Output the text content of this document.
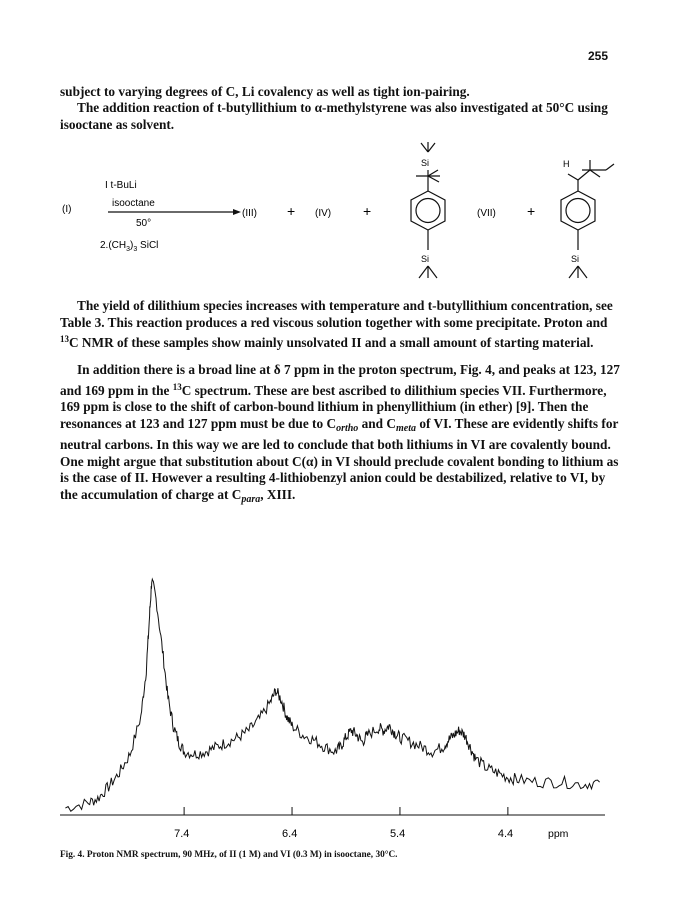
255

subject to varying degrees of C, Li covalency as well as tight ion-pairing.

The addition reaction of t-butyllithium to α-methylstyrene was also investigated at 50°C using isooctane as solvent.

(I)
I t-BuLi
isooctane
50°
$2.(CH_3)_3$ SiCl
(III) + (IV) +
Si
Si
(VII) +
H
Si

The yield of dilithium species increases with temperature and t-butyllithium concentration, see Table 3. This reaction produces a red viscous solution together with some precipitate. Proton and $^{13}$C NMR of these samples show mainly unsolvated II and a small amount of starting material.

In addition there is a broad line at δ 7 ppm in the proton spectrum, Fig. 4, and peaks at 123, 127 and 169 ppm in the $^{13}$C spectrum. These are best ascribed to dilithium species VII. Furthermore, 169 ppm is close to the shift of carbon-bound lithium in phenyllithium (in ether) [9]. Then the resonances at 123 and 127 ppm must be due to $C_{ortho}$ and $C_{meta}$ of VI. These are evidently shifts for neutral carbons. In this way we are led to conclude that both lithiums in VI are covalently bound. One might argue that substitution about C(α) in VI should preclude covalent bonding to lithium as is the case of II. However a resulting 4-lithiobenzyl anion could be destabilized, relative to VI, by the accumulation of charge at $C_{para}$, XIII.

7.4	6.4	5.4	4.4	ppm
Fig. 4. Proton NMR spectrum, 90 MHz, of II (1 M) and VI (0.3 M) in isooctane, 30°C.
